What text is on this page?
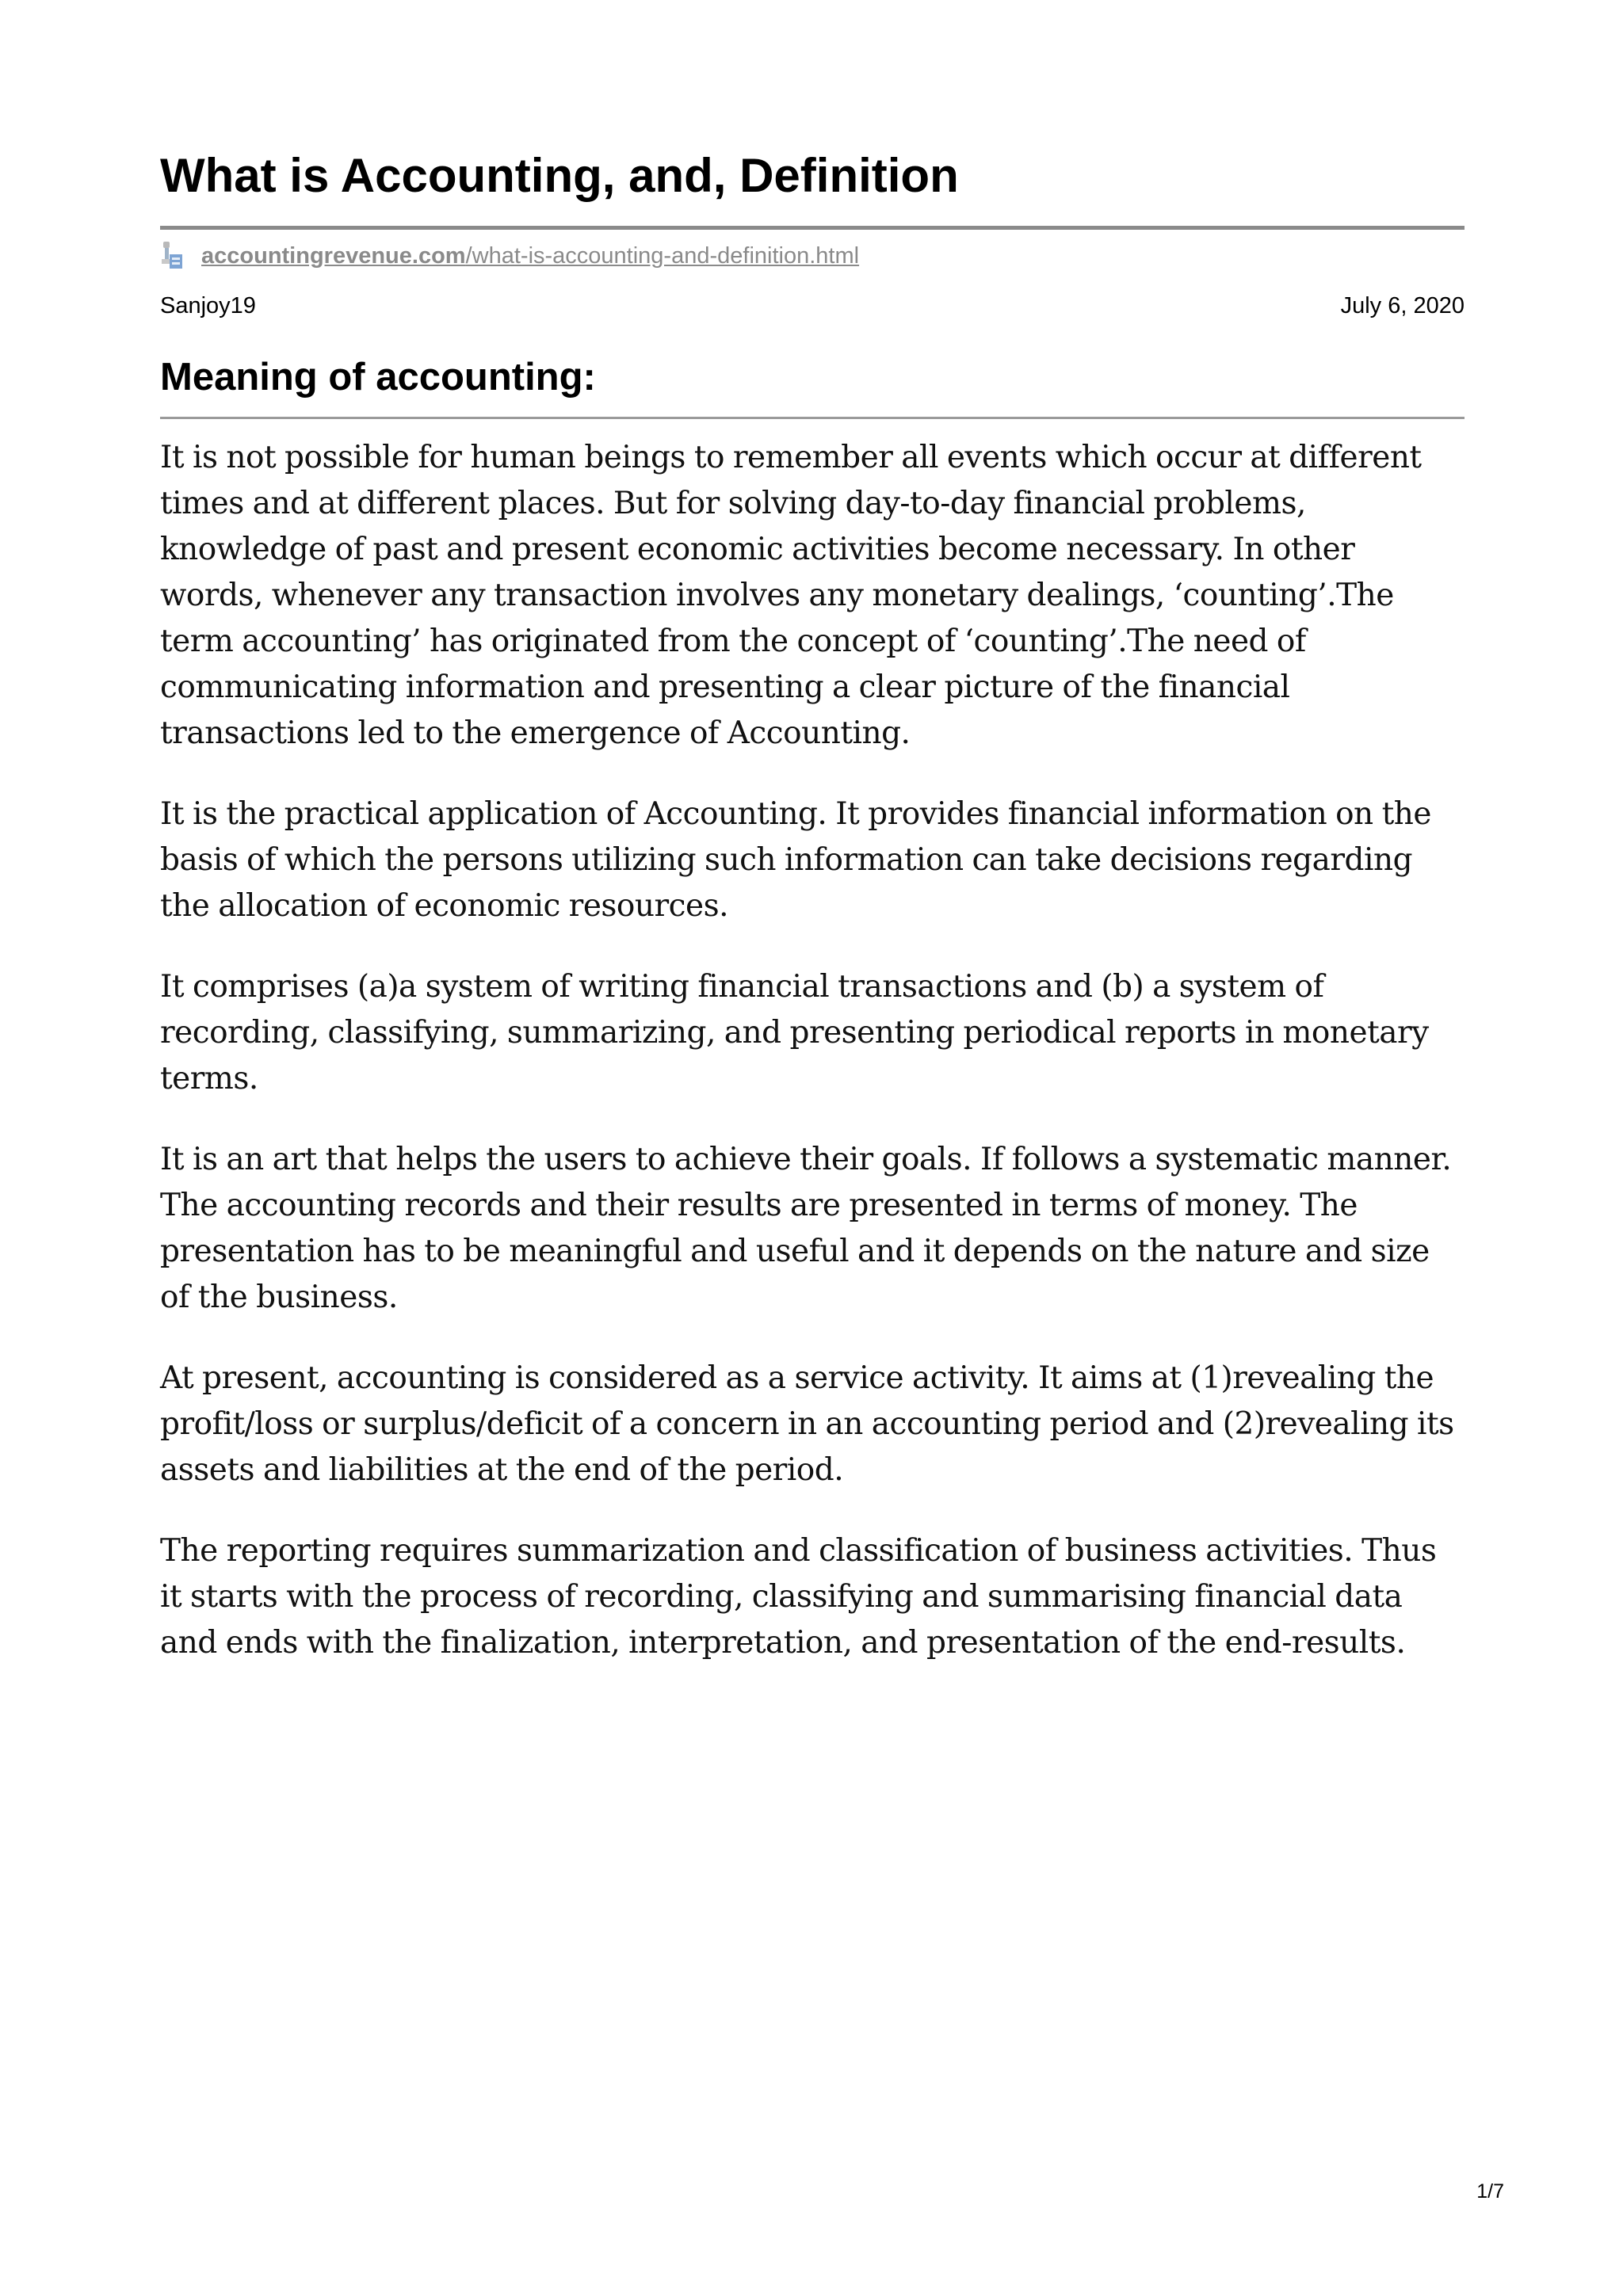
What is Accounting, and, Definition
accountingrevenue.com/what-is-accounting-and-definition.html
Sanjoy19	July 6, 2020
Meaning of accounting:

It is not possible for human beings to remember all events which occur at different times and at different places. But for solving day-to-day financial problems, knowledge of past and present economic activities become necessary. In other words, whenever any transaction involves any monetary dealings, ‘counting’.The term accounting’ has originated from the concept of ‘counting’.The need of communicating information and presenting a clear picture of the financial transactions led to the emergence of Accounting.

It is the practical application of Accounting. It provides financial information on the basis of which the persons utilizing such information can take decisions regarding the allocation of economic resources.

It comprises (a)a system of writing financial transactions and (b) a system of recording, classifying, summarizing, and presenting periodical reports in monetary terms.

It is an art that helps the users to achieve their goals. If follows a systematic manner. The accounting records and their results are presented in terms of money. The presentation has to be meaningful and useful and it depends on the nature and size of the business.

At present, accounting is considered as a service activity. It aims at (1)revealing the profit/loss or surplus/deficit of a concern in an accounting period and (2)revealing its assets and liabilities at the end of the period.

The reporting requires summarization and classification of business activities. Thus it starts with the process of recording, classifying and summarising financial data and ends with the finalization, interpretation, and presentation of the end-results.

1/7
